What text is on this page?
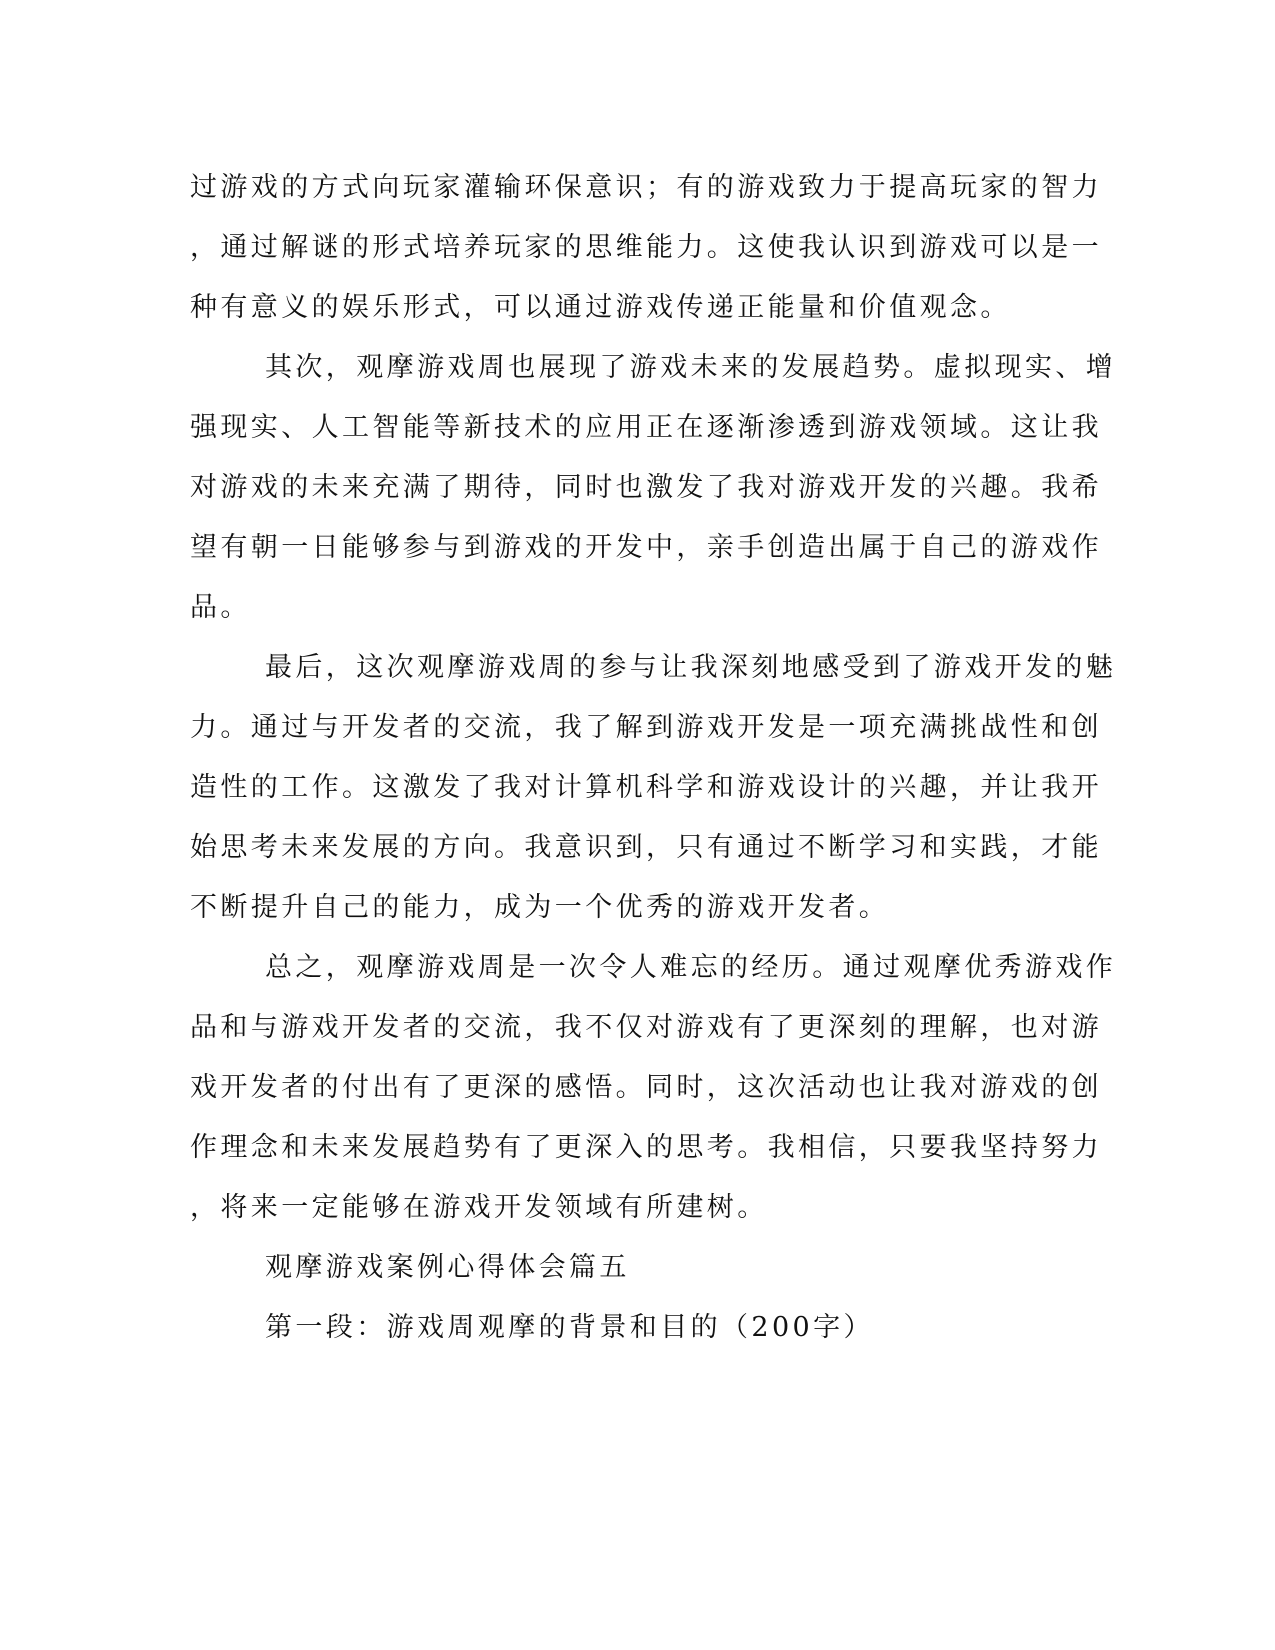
过游戏的方式向玩家灌输环保意识；有的游戏致力于提高玩家的智力
，通过解谜的形式培养玩家的思维能力。这使我认识到游戏可以是一
种有意义的娱乐形式，可以通过游戏传递正能量和价值观念。
其次，观摩游戏周也展现了游戏未来的发展趋势。虚拟现实、增
强现实、人工智能等新技术的应用正在逐渐渗透到游戏领域。这让我
对游戏的未来充满了期待，同时也激发了我对游戏开发的兴趣。我希
望有朝一日能够参与到游戏的开发中，亲手创造出属于自己的游戏作
品。
最后，这次观摩游戏周的参与让我深刻地感受到了游戏开发的魅
力。通过与开发者的交流，我了解到游戏开发是一项充满挑战性和创
造性的工作。这激发了我对计算机科学和游戏设计的兴趣，并让我开
始思考未来发展的方向。我意识到，只有通过不断学习和实践，才能
不断提升自己的能力，成为一个优秀的游戏开发者。
总之，观摩游戏周是一次令人难忘的经历。通过观摩优秀游戏作
品和与游戏开发者的交流，我不仅对游戏有了更深刻的理解，也对游
戏开发者的付出有了更深的感悟。同时，这次活动也让我对游戏的创
作理念和未来发展趋势有了更深入的思考。我相信，只要我坚持努力
，将来一定能够在游戏开发领域有所建树。
观摩游戏案例心得体会篇五
第一段：游戏周观摩的背景和目的（200字）
